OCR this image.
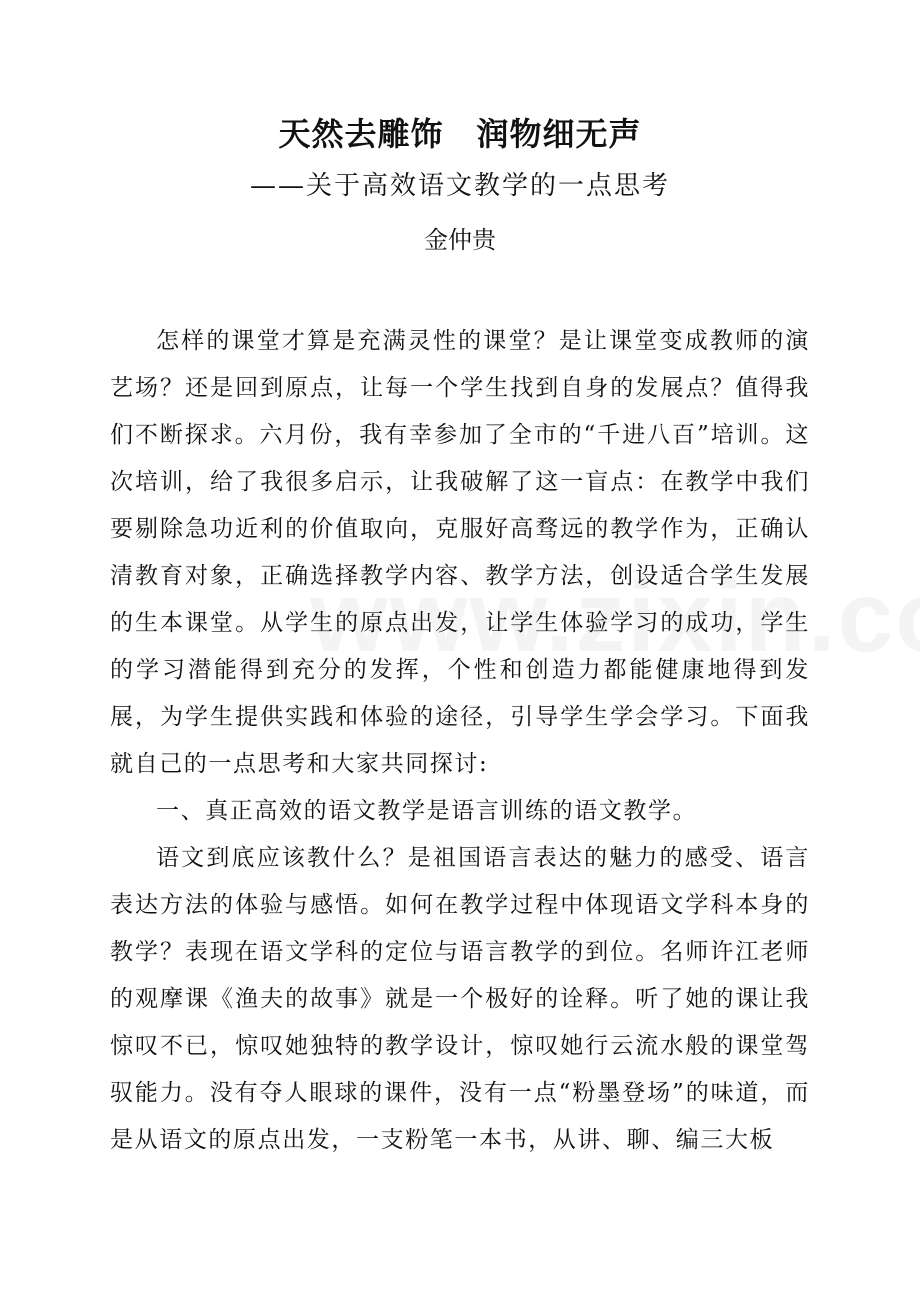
天然去雕饰　润物细无声
——关于高效语文教学的一点思考
金仲贵

怎样的课堂才算是充满灵性的课堂？是让课堂变成教师的演艺场？还是回到原点，让每一个学生找到自身的发展点？值得我们不断探求。六月份，我有幸参加了全市的“千进八百”培训。这次培训，给了我很多启示，让我破解了这一盲点：在教学中我们要剔除急功近利的价值取向，克服好高骛远的教学作为，正确认清教育对象，正确选择教学内容、教学方法，创设适合学生发展的生本课堂。从学生的原点出发，让学生体验学习的成功，学生的学习潜能得到充分的发挥，个性和创造力都能健康地得到发展，为学生提供实践和体验的途径，引导学生学会学习。下面我就自己的一点思考和大家共同探讨:

一、真正高效的语文教学是语言训练的语文教学。

语文到底应该教什么？是祖国语言表达的魅力的感受、语言表达方法的体验与感悟。如何在教学过程中体现语文学科本身的教学？表现在语文学科的定位与语言教学的到位。名师许江老师的观摩课《渔夫的故事》就是一个极好的诠释。听了她的课让我惊叹不已，惊叹她独特的教学设计，惊叹她行云流水般的课堂驾驭能力。没有夺人眼球的课件，没有一点“粉墨登场”的味道，而是从语文的原点出发，一支粉笔一本书，从讲、聊、编三大板
